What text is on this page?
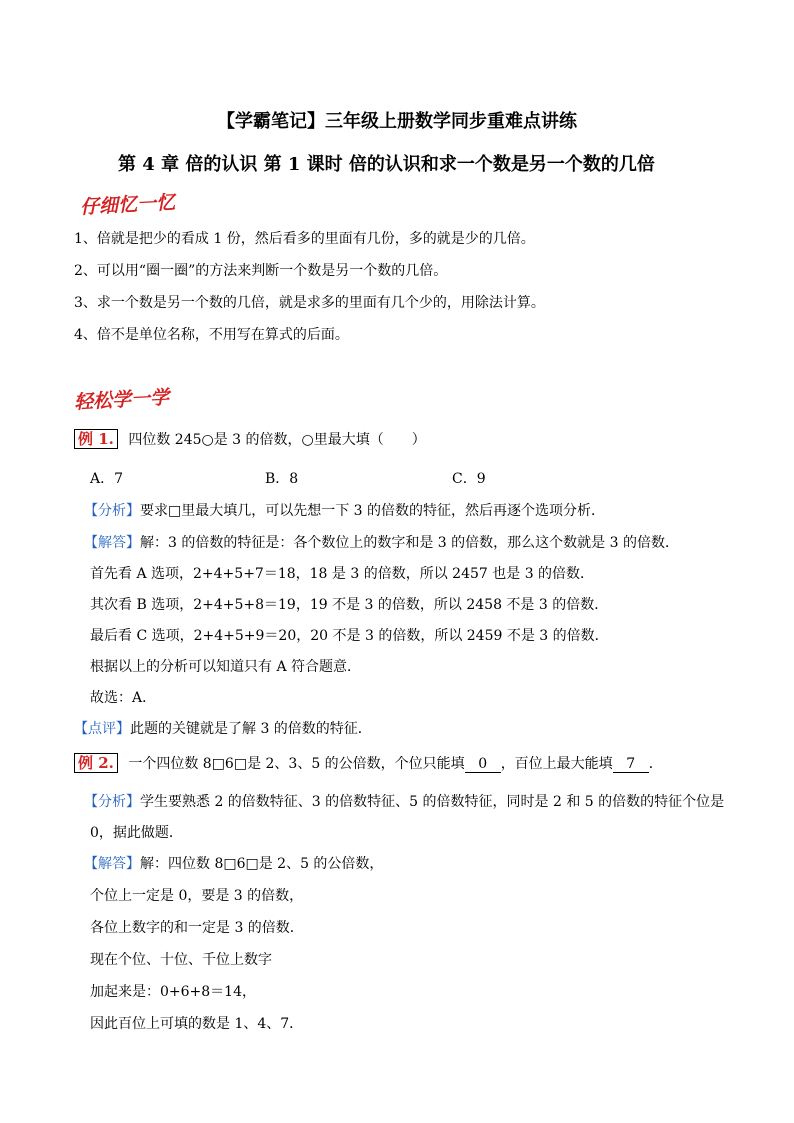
【学霸笔记】三年级上册数学同步重难点讲练
第 4 章 倍的认识 第 1 课时 倍的认识和求一个数是另一个数的几倍
仔细忆一忆
1、倍就是把少的看成 1 份，然后看多的里面有几份，多的就是少的几倍。
2、可以用“圈一圈”的方法来判断一个数是另一个数的几倍。
3、求一个数是另一个数的几倍，就是求多的里面有几个少的，用除法计算。
4、倍不是单位名称，不用写在算式的后面。
轻松学一学
例 1. 四位数 245○是 3 的倍数，○里最大填（　　）
A．7	B．8	C．9
【分析】要求□里最大填几，可以先想一下 3 的倍数的特征，然后再逐个选项分析．
【解答】解：3 的倍数的特征是：各个数位上的数字和是 3 的倍数，那么这个数就是 3 的倍数．
首先看 A 选项，2+4+5+7＝18，18 是 3 的倍数，所以 2457 也是 3 的倍数．
其次看 B 选项，2+4+5+8＝19，19 不是 3 的倍数，所以 2458 不是 3 的倍数．
最后看 C 选项，2+4+5+9＝20，20 不是 3 的倍数，所以 2459 不是 3 的倍数．
根据以上的分析可以知道只有 A 符合题意．
故选：A．
【点评】此题的关键就是了解 3 的倍数的特征．
例 2. 一个四位数 8□6□是 2、3、5 的公倍数，个位只能填 0 ，百位上最大能填 7 ．
【分析】学生要熟悉 2 的倍数特征、3 的倍数特征、5 的倍数特征，同时是 2 和 5 的倍数的特征个位是
0，据此做题．
【解答】解：四位数 8□6□是 2、5 的公倍数，
个位上一定是 0，要是 3 的倍数，
各位上数字的和一定是 3 的倍数．
现在个位、十位、千位上数字
加起来是：0+6+8＝14，
因此百位上可填的数是 1、4、7．
